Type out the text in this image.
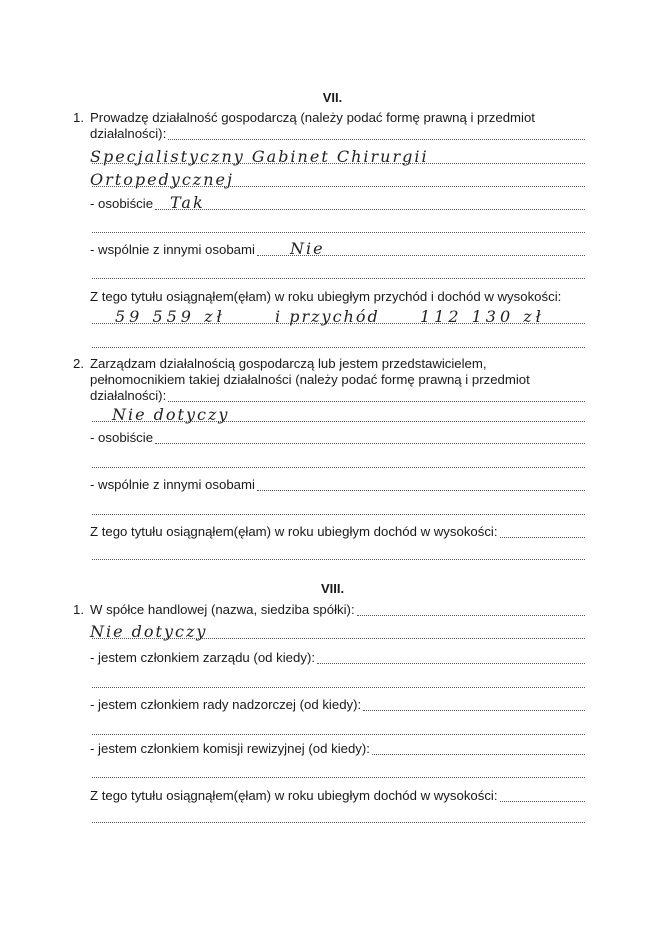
VII.
1. Prowadzę działalność gospodarczą (należy podać formę prawną i przedmiot
działalności):
Specjalistyczny Gabinet Chirurgii
Ortopedycznej
- osobiście Tak
- wspólnie z innymi osobami Nie
Z tego tytułu osiągnąłem(ęłam) w roku ubiegłym przychód i dochód w wysokości:
59 559 zł	i przychód	112 130 zł
2. Zarządzam działalnością gospodarczą lub jestem przedstawicielem,
pełnomocnikiem takiej działalności (należy podać formę prawną i przedmiot
działalności):
Nie dotyczy
- osobiście
- wspólnie z innymi osobami
Z tego tytułu osiągnąłem(ęłam) w roku ubiegłym dochód w wysokości:
VIII.
1. W spółce handlowej (nazwa, siedziba spółki):
Nie dotyczy
- jestem członkiem zarządu (od kiedy):
- jestem członkiem rady nadzorczej (od kiedy):
- jestem członkiem komisji rewizyjnej (od kiedy):
Z tego tytułu osiągnąłem(ęłam) w roku ubiegłym dochód w wysokości:
